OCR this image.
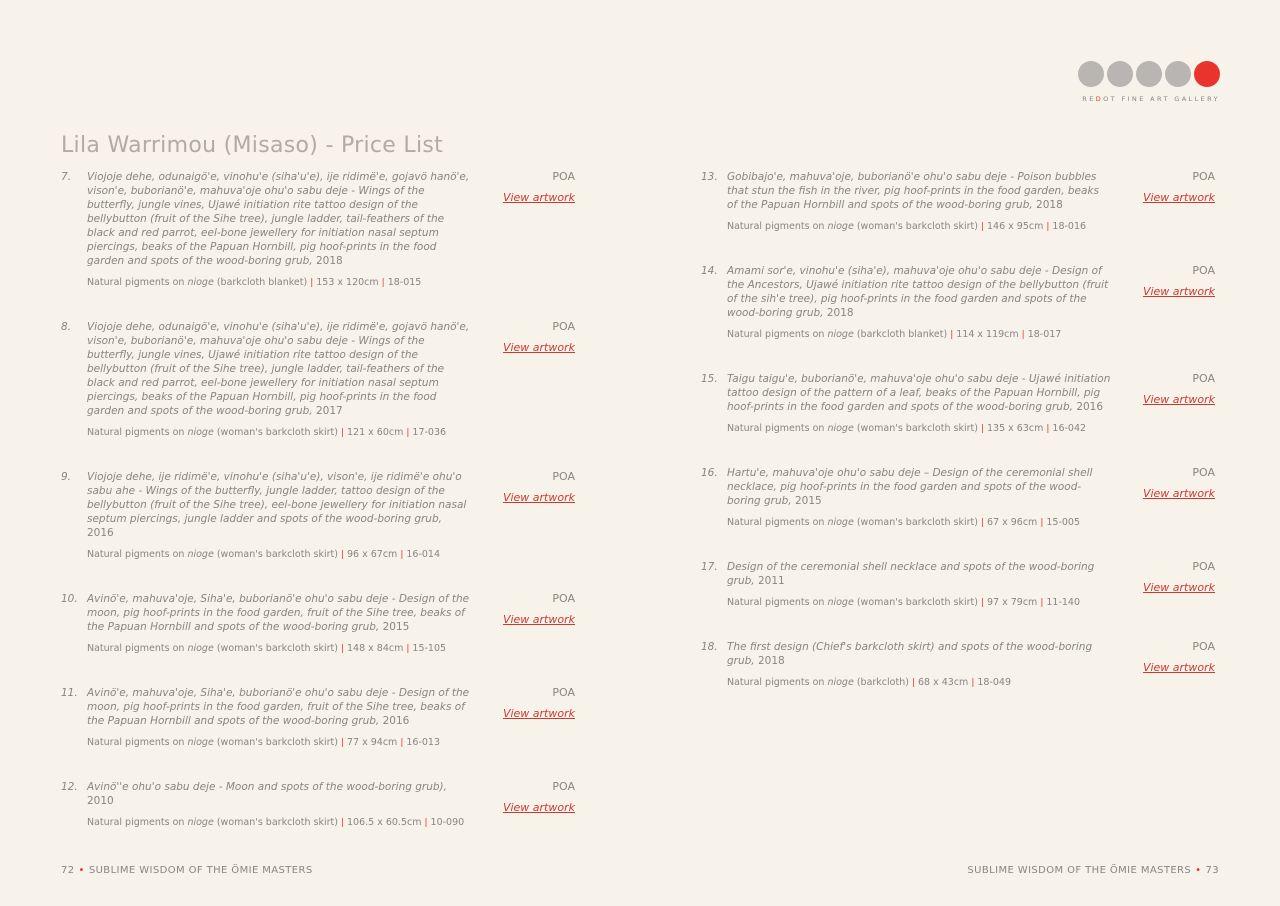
REDOT FINE ART GALLERY
Lila Warrimou (Misaso) - Price List
7.	Viojoje dehe, odunaigö'e, vinohu'e (siha'u'e), ije ridimë'e, gojavö hanö'e, vison'e, buborianö'e, mahuva'oje ohu'o sabu deje - Wings of the butterfly, jungle vines, Ujawé initiation rite tattoo design of the bellybutton (fruit of the Sihe tree), jungle ladder, tail-feathers of the black and red parrot, eel-bone jewellery for initiation nasal septum piercings, beaks of the Papuan Hornbill, pig hoof-prints in the food garden and spots of the wood-boring grub, 2018
Natural pigments on nioge (barkcloth blanket) | 153 x 120cm | 18-015
POA
View artwork
8.	Viojoje dehe, odunaigö'e, vinohu'e (siha'u'e), ije ridimë'e, gojavö hanö'e, vison'e, buborianö'e, mahuva'oje ohu'o sabu deje - Wings of the butterfly, jungle vines, Ujawé initiation rite tattoo design of the bellybutton (fruit of the Sihe tree), jungle ladder, tail-feathers of the black and red parrot, eel-bone jewellery for initiation nasal septum piercings, beaks of the Papuan Hornbill, pig hoof-prints in the food garden and spots of the wood-boring grub, 2017
Natural pigments on nioge (woman's barkcloth skirt) | 121 x 60cm | 17-036
POA
View artwork
9.	Viojoje dehe, ije ridimë'e, vinohu'e (siha'u'e), vison'e, ije ridimë'e ohu'o sabu ahe - Wings of the butterfly, jungle ladder, tattoo design of the bellybutton (fruit of the Sihe tree), eel-bone jewellery for initiation nasal septum piercings, jungle ladder and spots of the wood-boring grub, 2016
Natural pigments on nioge (woman's barkcloth skirt) | 96 x 67cm | 16-014
POA
View artwork
10. Avinö'e, mahuva'oje, Siha'e, buborianö'e ohu'o sabu deje - Design of the moon, pig hoof-prints in the food garden, fruit of the Sihe tree, beaks of the Papuan Hornbill and spots of the wood-boring grub, 2015
Natural pigments on nioge (woman's barkcloth skirt) | 148 x 84cm | 15-105
POA
View artwork
11. Avinö'e, mahuva'oje, Siha'e, buborianö'e ohu'o sabu deje - Design of the moon, pig hoof-prints in the food garden, fruit of the Sihe tree, beaks of the Papuan Hornbill and spots of the wood-boring grub, 2016
Natural pigments on nioge (woman's barkcloth skirt) | 77 x 94cm | 16-013
POA
View artwork
12. Avinö''e ohu'o sabu deje - Moon and spots of the wood-boring grub), 2010
Natural pigments on nioge (woman's barkcloth skirt) | 106.5 x 60.5cm | 10-090
POA
View artwork
13. Gobibajo'e, mahuva'oje, buborianö'e ohu'o sabu deje - Poison bubbles that stun the fish in the river, pig hoof-prints in the food garden, beaks of the Papuan Hornbill and spots of the wood-boring grub, 2018
Natural pigments on nioge (woman's barkcloth skirt) | 146 x 95cm | 18-016
POA
View artwork
14. Amami sor'e, vinohu'e (siha'e), mahuva'oje ohu'o sabu deje - Design of the Ancestors, Ujawé initiation rite tattoo design of the bellybutton (fruit of the sih'e tree), pig hoof-prints in the food garden and spots of the wood-boring grub, 2018
Natural pigments on nioge (barkcloth blanket) | 114 x 119cm | 18-017
POA
View artwork
15. Taigu taigu'e, buborianö'e, mahuva'oje ohu'o sabu deje - Ujawé initiation tattoo design of the pattern of a leaf, beaks of the Papuan Hornbill, pig hoof-prints in the food garden and spots of the wood-boring grub, 2016
Natural pigments on nioge (woman's barkcloth skirt) | 135 x 63cm | 16-042
POA
View artwork
16. Hartu'e, mahuva'oje ohu'o sabu deje – Design of the ceremonial shell necklace, pig hoof-prints in the food garden and spots of the wood-boring grub, 2015
Natural pigments on nioge (woman's barkcloth skirt) | 67 x 96cm | 15-005
POA
View artwork
17. Design of the ceremonial shell necklace and spots of the wood-boring grub, 2011
Natural pigments on nioge (woman's barkcloth skirt) | 97 x 79cm | 11-140
POA
View artwork
18. The first design (Chief's barkcloth skirt) and spots of the wood-boring grub, 2018
Natural pigments on nioge (barkcloth) | 68 x 43cm | 18-049
POA
View artwork
72 • SUBLIME WISDOM OF THE ÖMIE MASTERS	SUBLIME WISDOM OF THE ÖMIE MASTERS • 73
